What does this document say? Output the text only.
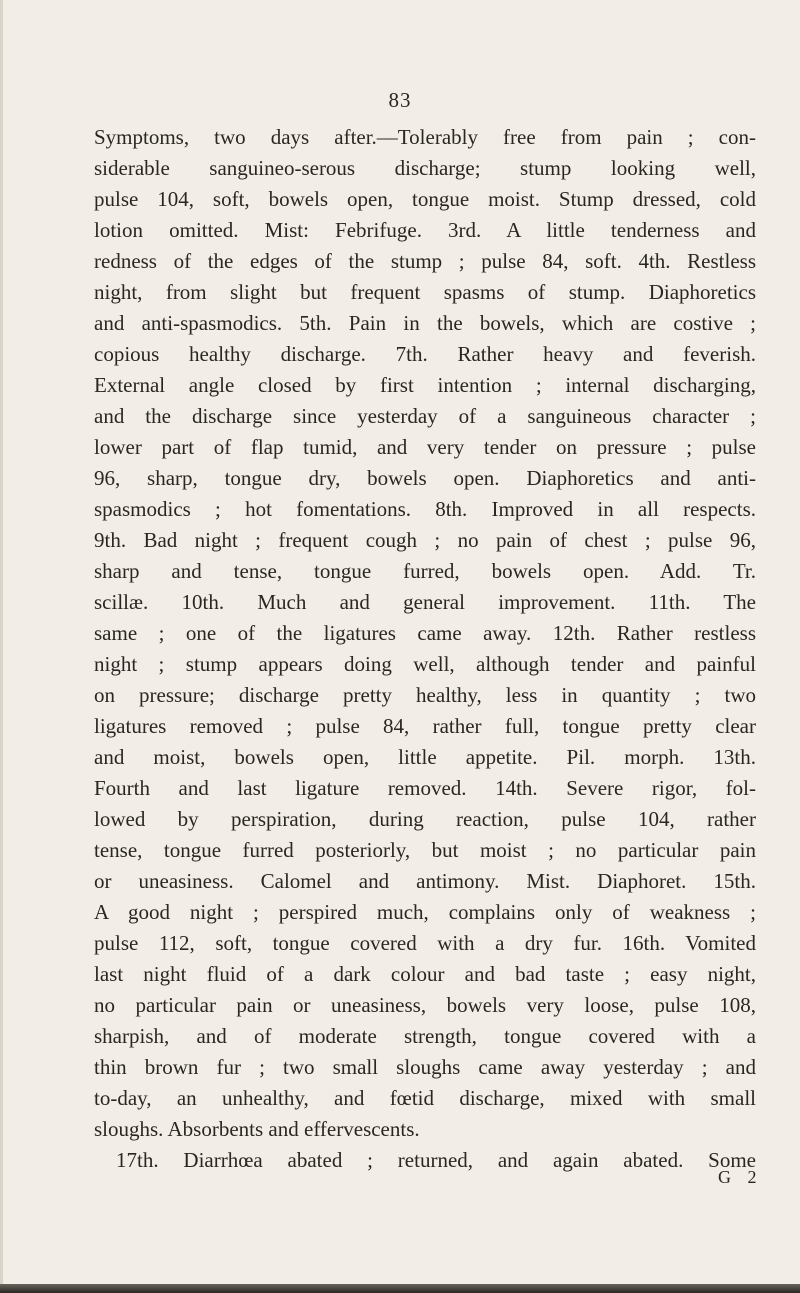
83
Symptoms, two days after.—Tolerably free from pain ; con-
siderable sanguineo-serous discharge; stump looking well,
pulse 104, soft, bowels open, tongue moist. Stump dressed, cold
lotion omitted. Mist: Febrifuge. 3rd. A little tenderness and
redness of the edges of the stump ; pulse 84, soft. 4th. Restless
night, from slight but frequent spasms of stump. Diaphoretics
and anti-spasmodics. 5th. Pain in the bowels, which are costive ;
copious healthy discharge. 7th. Rather heavy and feverish.
External angle closed by first intention ; internal discharging,
and the discharge since yesterday of a sanguineous character ;
lower part of flap tumid, and very tender on pressure ; pulse
96, sharp, tongue dry, bowels open. Diaphoretics and anti-
spasmodics ; hot fomentations. 8th. Improved in all respects.
9th. Bad night ; frequent cough ; no pain of chest ; pulse 96,
sharp and tense, tongue furred, bowels open. Add. Tr.
scillæ. 10th. Much and general improvement. 11th. The
same ; one of the ligatures came away. 12th. Rather restless
night ; stump appears doing well, although tender and painful
on pressure; discharge pretty healthy, less in quantity ; two
ligatures removed ; pulse 84, rather full, tongue pretty clear
and moist, bowels open, little appetite. Pil. morph. 13th.
Fourth and last ligature removed. 14th. Severe rigor, fol-
lowed by perspiration, during reaction, pulse 104, rather
tense, tongue furred posteriorly, but moist ; no particular pain
or uneasiness. Calomel and antimony. Mist. Diaphoret. 15th.
A good night ; perspired much, complains only of weakness ;
pulse 112, soft, tongue covered with a dry fur. 16th. Vomited
last night fluid of a dark colour and bad taste ; easy night,
no particular pain or uneasiness, bowels very loose, pulse 108,
sharpish, and of moderate strength, tongue covered with a
thin brown fur ; two small sloughs came away yesterday ; and
to-day, an unhealthy, and fœtid discharge, mixed with small
sloughs. Absorbents and effervescents.
17th. Diarrhœa abated ; returned, and again abated. Some
G 2
